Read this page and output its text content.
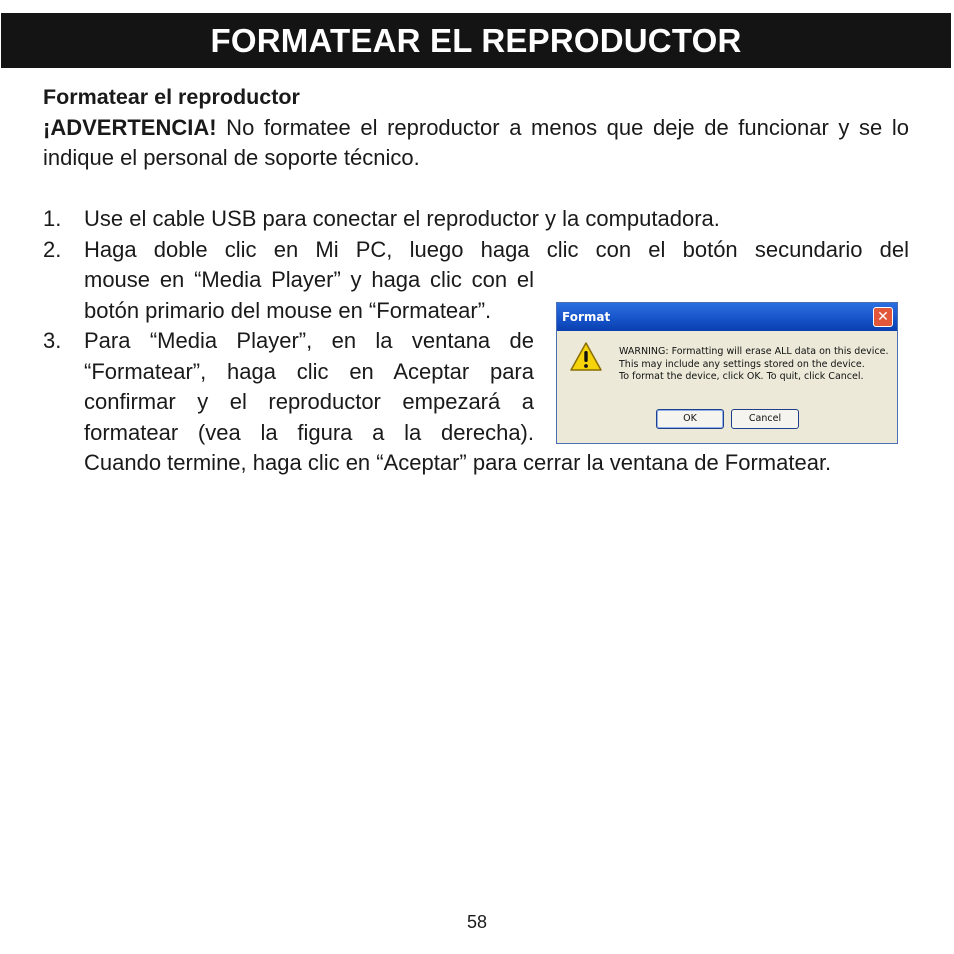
FORMATEAR EL REPRODUCTOR

Formatear el reproductor

¡ADVERTENCIA! No formatee el reproductor a menos que deje de funcionar y se lo indique el personal de soporte técnico.

1. Use el cable USB para conectar el reproductor y la computadora.
2. Haga doble clic en Mi PC, luego haga clic con el botón secundario del
mouse en “Media Player” y haga clic con el botón primario del mouse en “Formatear”.
3. Para “Media Player”, en la ventana de “Formatear”, haga clic en Aceptar para confirmar y el reproductor empezará a formatear (vea la figura a la derecha).
Cuando termine, haga clic en “Aceptar” para cerrar la ventana de Formatear.
Format	✕
WARNING: Formatting will erase ALL data on this device. This may include any settings stored on the device.
To format the device, click OK. To quit, click Cancel.
OK	Cancel
58
